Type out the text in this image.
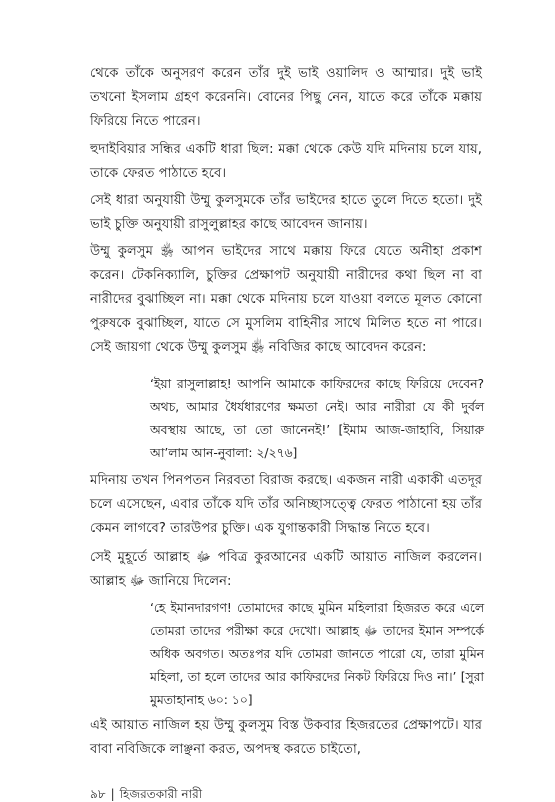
থেকে তাঁকে অনুসরণ করেন তাঁর দুই ভাই ওয়ালিদ ও আম্মার। দুই ভাই তখনো ইসলাম গ্রহণ করেননি। বোনের পিছু নেন, যাতে করে তাঁকে মক্কায় ফিরিয়ে নিতে পারেন।

হুদাইবিয়ার সন্ধির একটি ধারা ছিল: মক্কা থেকে কেউ যদি মদিনায় চলে যায়, তাকে ফেরত পাঠাতে হবে।

সেই ধারা অনুযায়ী উম্মু কুলসুমকে তাঁর ভাইদের হাতে তুলে দিতে হতো। দুই ভাই চুক্তি অনুযায়ী রাসুলুল্লাহর কাছে আবেদন জানায়।

উম্মু কুলসুম ﵂ আপন ভাইদের সাথে মক্কায় ফিরে যেতে অনীহা প্রকাশ করেন। টেকনিক্যালি, চুক্তির প্রেক্ষাপট অনুযায়ী নারীদের কথা ছিল না বা নারীদের বুঝাচ্ছিল না। মক্কা থেকে মদিনায় চলে যাওয়া বলতে মূলত কোনো পুরুষকে বুঝাচ্ছিল, যাতে সে মুসলিম বাহিনীর সাথে মিলিত হতে না পারে। সেই জায়গা থেকে উম্মু কুলসুম ﵂ নবিজির কাছে আবেদন করেন:

‘ইয়া রাসুলাল্লাহ! আপনি আমাকে কাফিরদের কাছে ফিরিয়ে দেবেন? অথচ, আমার ধৈর্যধারণের ক্ষমতা নেই। আর নারীরা যে কী দুর্বল অবস্থায় আছে, তা তো জানেনই!’ [ইমাম আজ-জাহাবি, সিয়ারু আ’লাম আন-নুবালা: ২/২৭৬]

মদিনায় তখন পিনপতন নিরবতা বিরাজ করছে। একজন নারী একাকী এতদূর চলে এসেছেন, এবার তাঁকে যদি তাঁর অনিচ্ছাসত্ত্বে ফেরত পাঠানো হয় তাঁর কেমন লাগবে? তারউপর চুক্তি। এক যুগান্তকারী সিদ্ধান্ত নিতে হবে।

সেই মুহূর্তে আল্লাহ ﷻ পবিত্র কুরআনের একটি আয়াত নাজিল করলেন। আল্লাহ ﷻ জানিয়ে দিলেন:

‘হে ইমানদারগণ! তোমাদের কাছে মুমিন মহিলারা হিজরত করে এলে তোমরা তাদের পরীক্ষা করে দেখো। আল্লাহ ﷻ তাদের ইমান সম্পর্কে অধিক অবগত। অতঃপর যদি তোমরা জানতে পারো যে, তারা মুমিন মহিলা, তা হলে তাদের আর কাফিরদের নিকট ফিরিয়ে দিও না।’ [সুরা মুমতাহানাহ ৬০: ১০]

এই আয়াত নাজিল হয় উম্মু কুলসুম বিস্ত উকবার হিজরতের প্রেক্ষাপটে। যার বাবা নবিজিকে লাঞ্ছনা করত, অপদস্থ করতে চাইতো,

৯৮ | হিজরতকারী নারী
